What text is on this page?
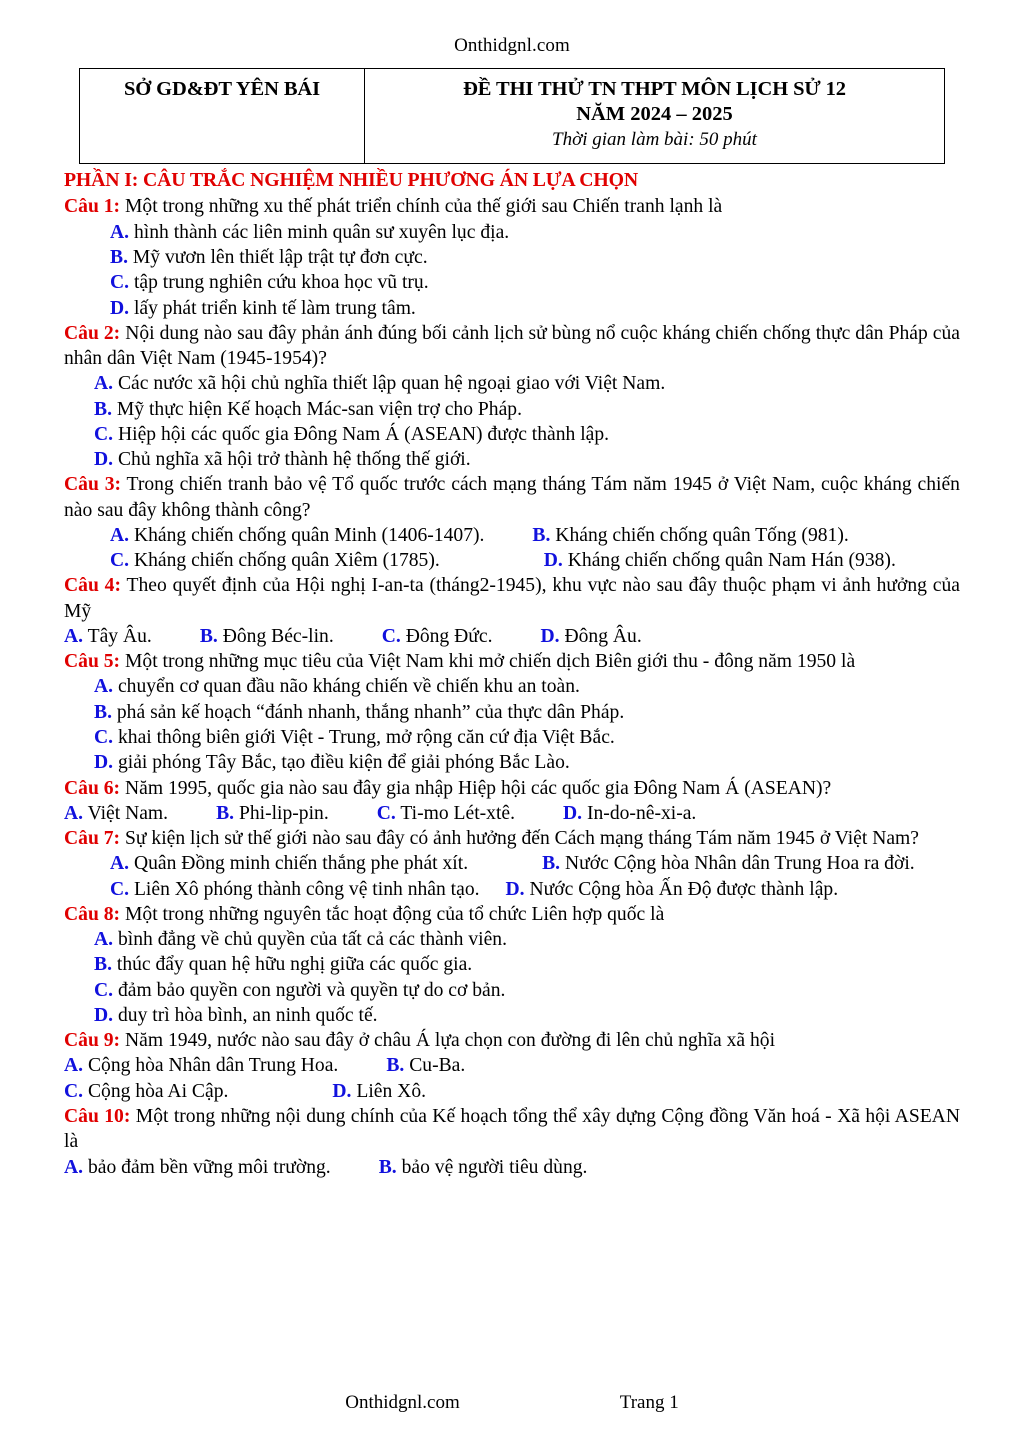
Onthidgnl.com
SỞ GD&ĐT YÊN BÁI	ĐỀ THI THỬ TN THPT MÔN LỊCH SỬ 12
NĂM 2024 – 2025
Thời gian làm bài: 50 phút
PHẦN I: CÂU TRẮC NGHIỆM NHIỀU PHƯƠNG ÁN LỰA CHỌN

Câu 1: Một trong những xu thế phát triển chính của thế giới sau Chiến tranh lạnh là

A. hình thành các liên minh quân sư xuyên lục địa.

B. Mỹ vươn lên thiết lập trật tự đơn cực.

C. tập trung nghiên cứu khoa học vũ trụ.

D. lấy phát triển kinh tế làm trung tâm.

Câu 2: Nội dung nào sau đây phản ánh đúng bối cảnh lịch sử bùng nổ cuộc kháng chiến chống thực dân Pháp của nhân dân Việt Nam (1945-1954)?

A. Các nước xã hội chủ nghĩa thiết lập quan hệ ngoại giao với Việt Nam.

B. Mỹ thực hiện Kế hoạch Mác-san viện trợ cho Pháp.

C. Hiệp hội các quốc gia Đông Nam Á (ASEAN) được thành lập.

D. Chủ nghĩa xã hội trở thành hệ thống thế giới.

Câu 3: Trong chiến tranh bảo vệ Tổ quốc trước cách mạng tháng Tám năm 1945 ở Việt Nam, cuộc kháng chiến nào sau đây không thành công?

A. Kháng chiến chống quân Minh (1406-1407). B. Kháng chiến chống quân Tống (981).

C. Kháng chiến chống quân Xiêm (1785).	D. Kháng chiến chống quân Nam Hán (938).

Câu 4: Theo quyết định của Hội nghị I-an-ta (tháng2-1945), khu vực nào sau đây thuộc phạm vi ảnh hưởng của Mỹ

A. Tây Âu. B. Đông Béc-lin. C. Đông Đức. D. Đông Âu.

Câu 5: Một trong những mục tiêu của Việt Nam khi mở chiến dịch Biên giới thu - đông năm 1950 là

A. chuyển cơ quan đầu não kháng chiến về chiến khu an toàn.

B. phá sản kế hoạch “đánh nhanh, thắng nhanh” của thực dân Pháp.

C. khai thông biên giới Việt - Trung, mở rộng căn cứ địa Việt Bắc.

D. giải phóng Tây Bắc, tạo điều kiện để giải phóng Bắc Lào.

Câu 6: Năm 1995, quốc gia nào sau đây gia nhập Hiệp hội các quốc gia Đông Nam Á (ASEAN)?

A. Việt Nam. B. Phi-lip-pin. C. Ti-mo Lét-xtê. D. In-do-nê-xi-a.

Câu 7: Sự kiện lịch sử thế giới nào sau đây có ảnh hưởng đến Cách mạng tháng Tám năm 1945 ở Việt Nam?

A. Quân Đồng minh chiến thắng phe phát xít.	B. Nước Cộng hòa Nhân dân Trung Hoa ra đời.

C. Liên Xô phóng thành công vệ tinh nhân tạo. D. Nước Cộng hòa Ấn Độ được thành lập.

Câu 8: Một trong những nguyên tắc hoạt động của tổ chức Liên hợp quốc là

A. bình đẳng về chủ quyền của tất cả các thành viên.

B. thúc đẩy quan hệ hữu nghị giữa các quốc gia.

C. đảm bảo quyền con người và quyền tự do cơ bản.

D. duy trì hòa bình, an ninh quốc tế.

Câu 9: Năm 1949, nước nào sau đây ở châu Á lựa chọn con đường đi lên chủ nghĩa xã hội

A. Cộng hòa Nhân dân Trung Hoa. B. Cu-Ba.

C. Cộng hòa Ai Cập.	D. Liên Xô.

Câu 10: Một trong những nội dung chính của Kế hoạch tổng thể xây dựng Cộng đồng Văn hoá - Xã hội ASEAN là

A. bảo đảm bền vững môi trường. B. bảo vệ người tiêu dùng.

Onthidgnl.com	Trang 1
